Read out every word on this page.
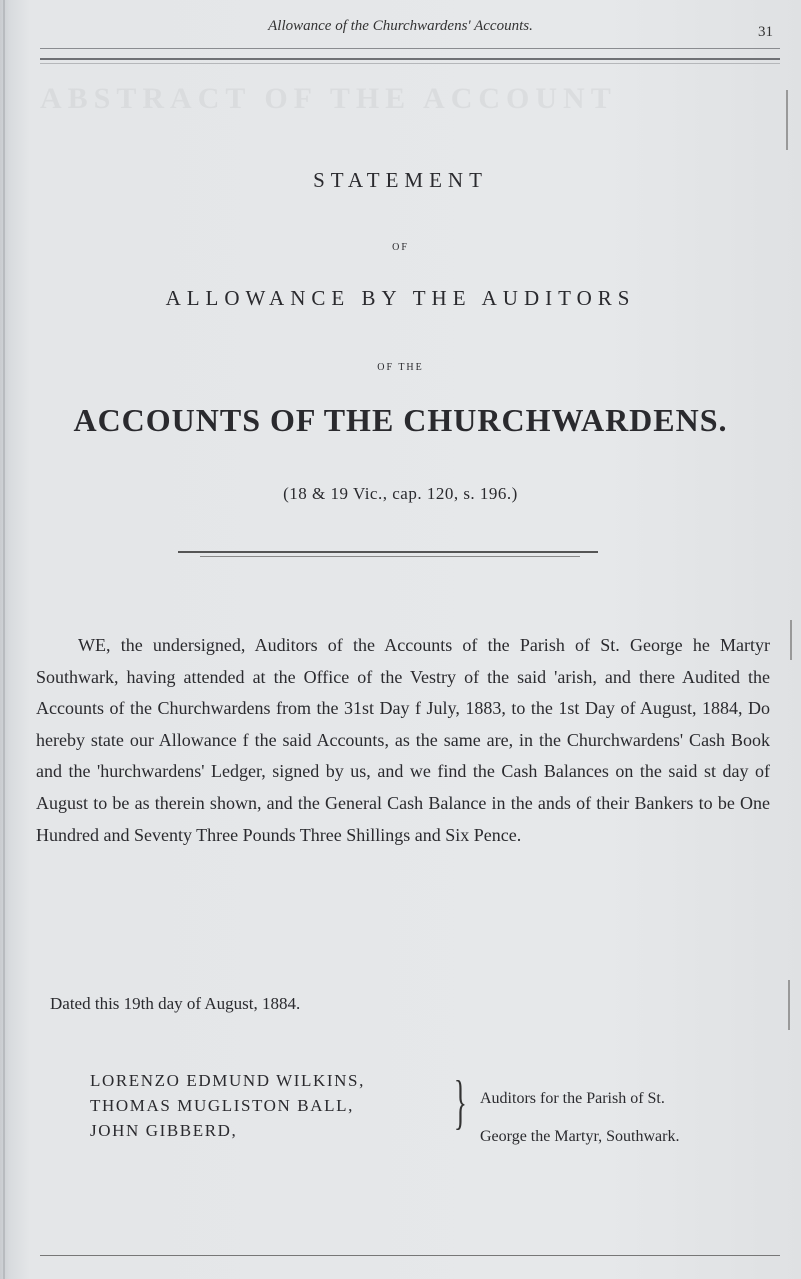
ABSTRACT OF THE ACCOUNT
Allowance of the Churchwardens' Accounts.	31
STATEMENT
OF
ALLOWANCE BY THE AUDITORS
OF THE
ACCOUNTS OF THE CHURCHWARDENS.
(18 & 19 Vic., cap. 120, s. 196.)

WE, the undersigned, Auditors of the Accounts of the Parish of St. George he Martyr Southwark, having attended at the Office of the Vestry of the said 'arish, and there Audited the Accounts of the Churchwardens from the 31st Day f July, 1883, to the 1st Day of August, 1884, Do hereby state our Allowance f the said Accounts, as the same are, in the Churchwardens' Cash Book and the 'hurchwardens' Ledger, signed by us, and we find the Cash Balances on the said st day of August to be as therein shown, and the General Cash Balance in the ands of their Bankers to be One Hundred and Seventy Three Pounds Three Shillings and Six Pence.

Dated this 19th day of August, 1884.
LORENZO EDMUND WILKINS,
THOMAS MUGLISTON BALL,
JOHN GIBBERD,	} Auditors for the Parish of St.
George the Martyr, Southwark.
